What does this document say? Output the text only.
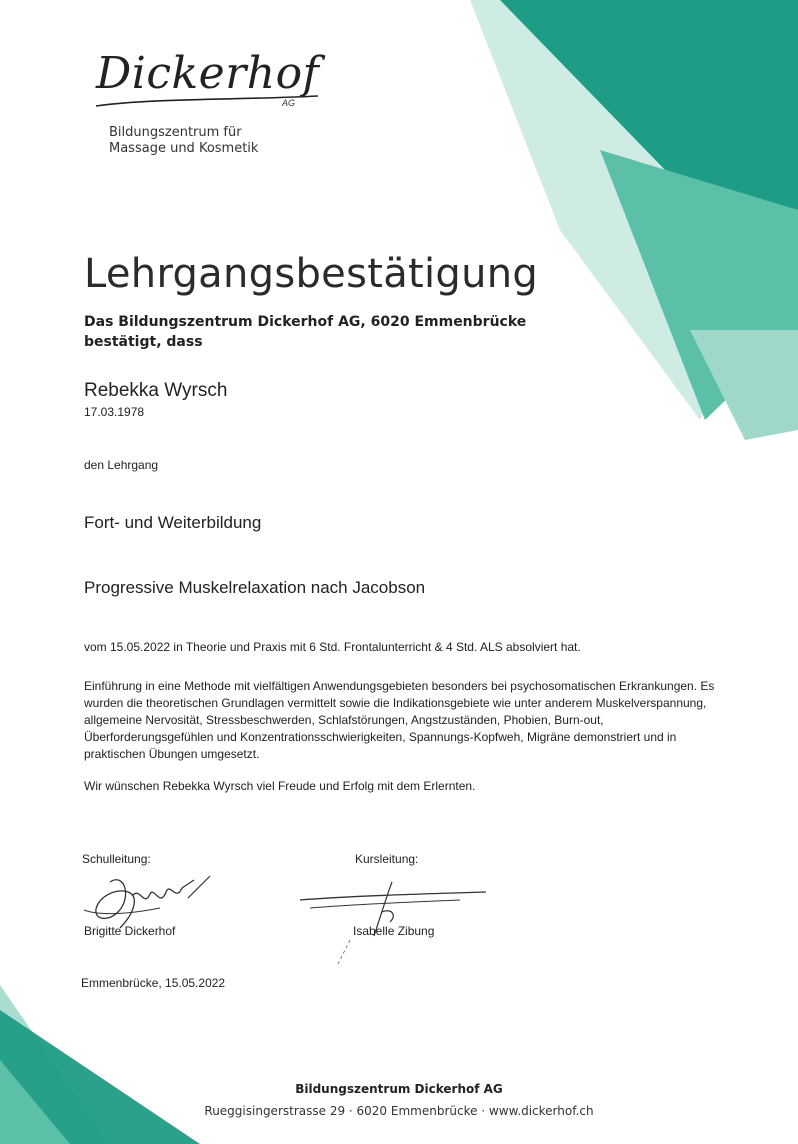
Dickerhof
AG
Bildungszentrum für
Massage und Kosmetik
Lehrgangsbestätigung
Das Bildungszentrum Dickerhof AG, 6020 Emmenbrücke
bestätigt, dass
Rebekka Wyrsch
17.03.1978
den Lehrgang
Fort- und Weiterbildung
Progressive Muskelrelaxation nach Jacobson
vom 15.05.2022 in Theorie und Praxis mit 6 Std. Frontalunterricht & 4 Std. ALS absolviert hat.
Einführung in eine Methode mit vielfältigen Anwendungsgebieten besonders bei psychosomatischen Erkrankungen. Es
wurden die theoretischen Grundlagen vermittelt sowie die Indikationsgebiete wie unter anderem Muskelverspannung,
allgemeine Nervosität, Stressbeschwerden, Schlafstörungen, Angstzuständen, Phobien, Burn-out,
Überforderungsgefühlen und Konzentrationsschwierigkeiten, Spannungs-Kopfweh, Migräne demonstriert und in
praktischen Übungen umgesetzt.
Wir wünschen Rebekka Wyrsch viel Freude und Erfolg mit dem Erlernten.
Schulleitung:	Kursleitung:
Brigitte Dickerhof	Isabelle Zibung
Emmenbrücke, 15.05.2022
Bildungszentrum Dickerhof AG
Rueggisingerstrasse 29 · 6020 Emmenbrücke · www.dickerhof.ch
